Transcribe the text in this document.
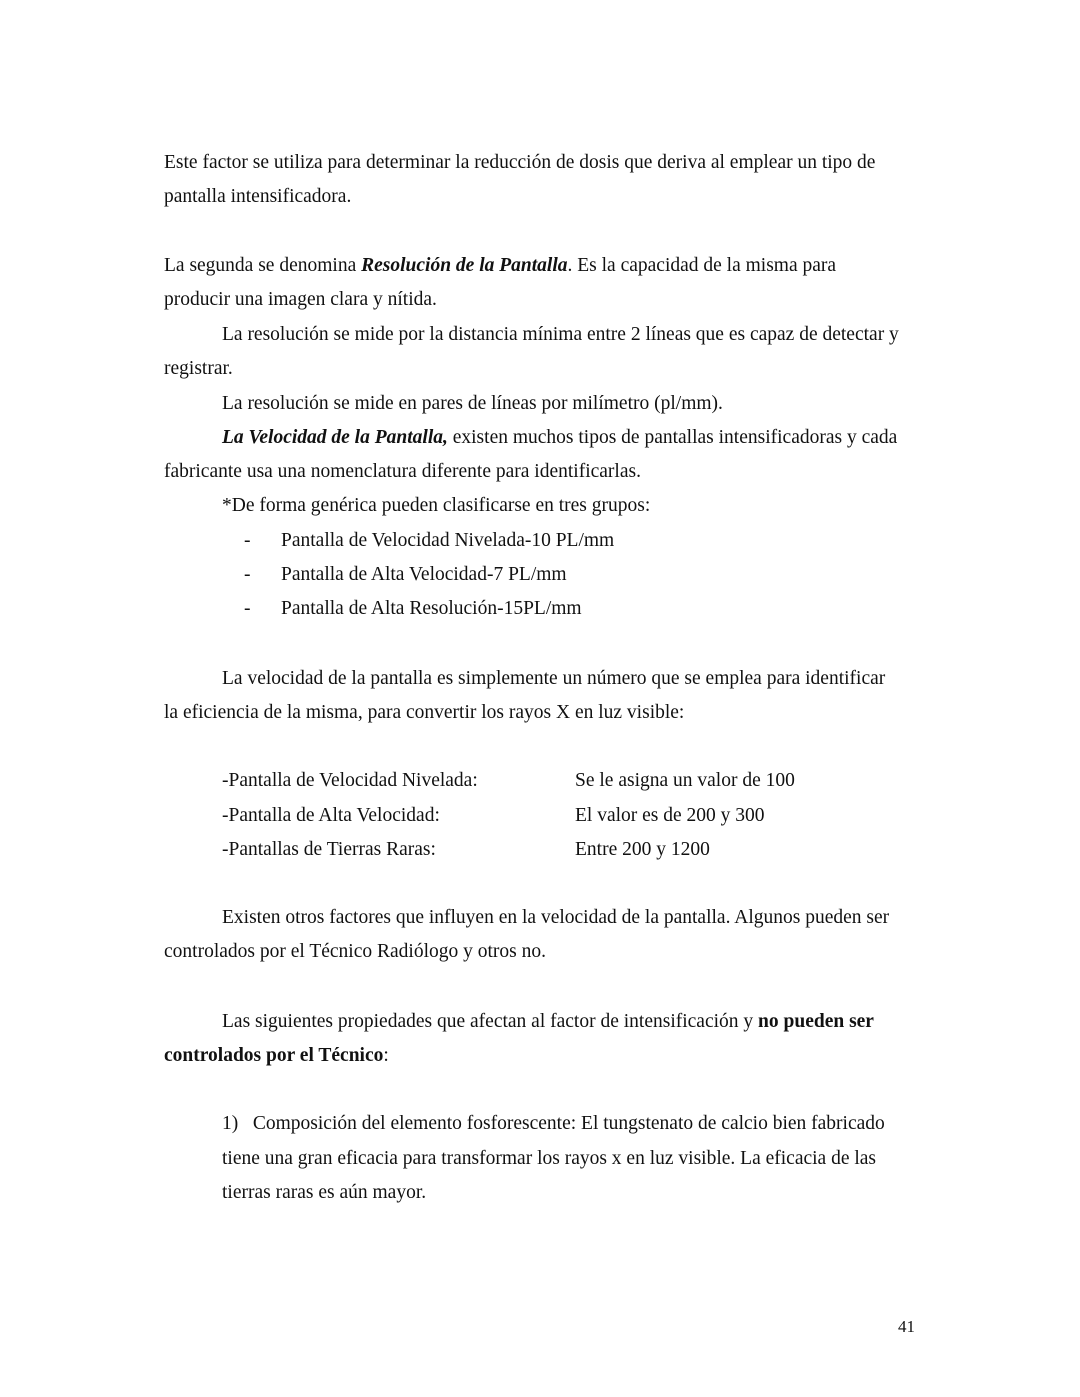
Este factor se utiliza para determinar la reducción de dosis que deriva al emplear un tipo de
pantalla intensificadora.
La segunda se denomina Resolución de la Pantalla. Es la capacidad de la misma para
producir una imagen clara y nítida.
La resolución se mide por la distancia mínima entre 2 líneas que es capaz de detectar y
registrar.
La resolución se mide en pares de líneas por milímetro (pl/mm).
La Velocidad de la Pantalla, existen muchos tipos de pantallas intensificadoras y cada
fabricante usa una nomenclatura diferente para identificarlas.
*De forma genérica pueden clasificarse en tres grupos:
- Pantalla de Velocidad Nivelada-10 PL/mm
- Pantalla de Alta Velocidad-7 PL/mm
- Pantalla de Alta Resolución-15PL/mm
La velocidad de la pantalla es simplemente un número que se emplea para identificar
la eficiencia de la misma, para convertir los rayos X en luz visible:
-Pantalla de Velocidad Nivelada:	Se le asigna un valor de 100
-Pantalla de Alta Velocidad:	El valor es de 200 y 300
-Pantallas de Tierras Raras:	Entre 200 y 1200
Existen otros factores que influyen en la velocidad de la pantalla. Algunos pueden ser
controlados por el Técnico Radiólogo y otros no.
Las siguientes propiedades que afectan al factor de intensificación y no pueden ser
controlados por el Técnico:
1)   Composición del elemento fosforescente: El tungstenato de calcio bien fabricado
tiene una gran eficacia para transformar los rayos x en luz visible. La eficacia de las
tierras raras es aún mayor.
41
